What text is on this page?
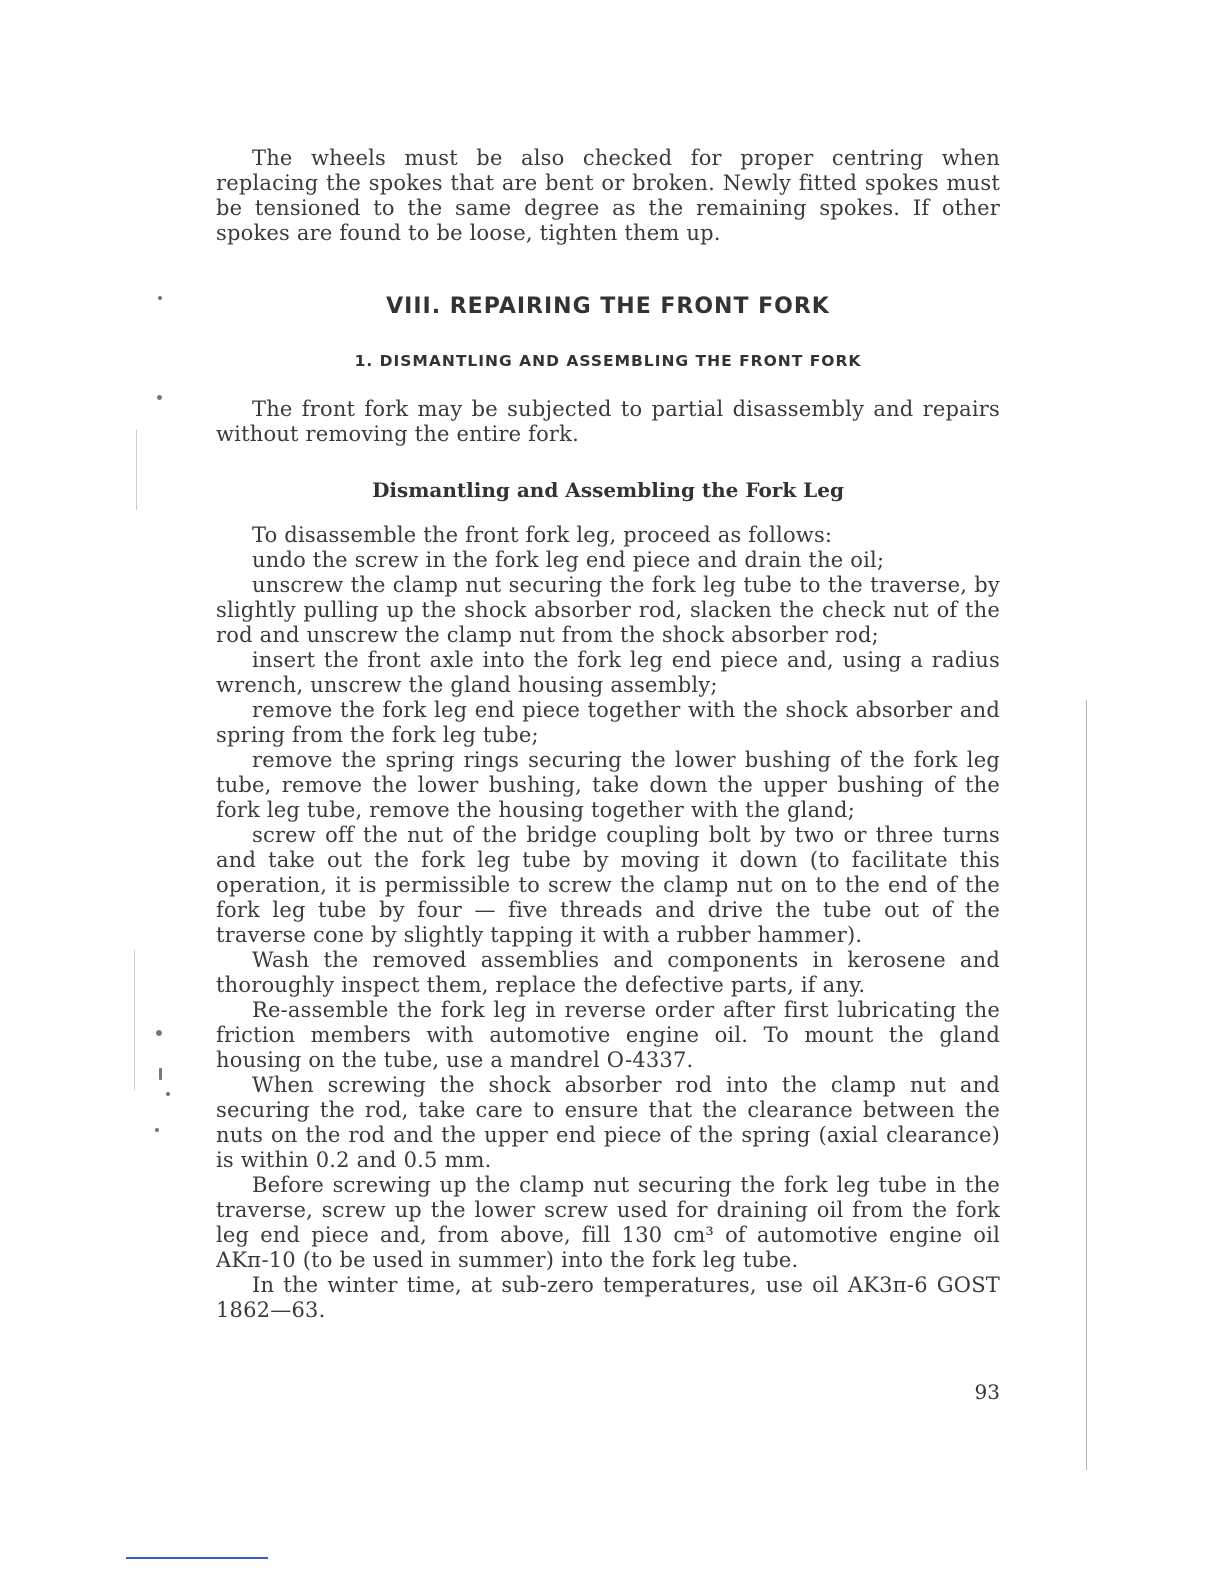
The wheels must be also checked for proper centring when replacing the spokes that are bent or broken. Newly fitted spokes must be tensioned to the same degree as the remaining spokes. If other spokes are found to be loose, tighten them up.

VIII. REPAIRING THE FRONT FORK
1. DISMANTLING AND ASSEMBLING THE FRONT FORK

The front fork may be subjected to partial disassembly and repairs without removing the entire fork.

Dismantling and Assembling the Fork Leg

To disassemble the front fork leg, proceed as follows:

undo the screw in the fork leg end piece and drain the oil;

unscrew the clamp nut securing the fork leg tube to the traverse, by slightly pulling up the shock absorber rod, slacken the check nut of the rod and unscrew the clamp nut from the shock absorber rod;

insert the front axle into the fork leg end piece and, using a radius wrench, unscrew the gland housing assembly;

remove the fork leg end piece together with the shock absorber and spring from the fork leg tube;

remove the spring rings securing the lower bushing of the fork leg tube, remove the lower bushing, take down the upper bushing of the fork leg tube, remove the housing together with the gland;

screw off the nut of the bridge coupling bolt by two or three turns and take out the fork leg tube by moving it down (to facilitate this operation, it is permissible to screw the clamp nut on to the end of the fork leg tube by four — five threads and drive the tube out of the traverse cone by slightly tapping it with a rubber hammer).

Wash the removed assemblies and components in kerosene and thoroughly inspect them, replace the defective parts, if any.

Re-assemble the fork leg in reverse order after first lubricating the friction members with automotive engine oil. To mount the gland housing on the tube, use a mandrel O-4337.

When screwing the shock absorber rod into the clamp nut and securing the rod, take care to ensure that the clearance between the nuts on the rod and the upper end piece of the spring (axial clearance) is within 0.2 and 0.5 mm.

Before screwing up the clamp nut securing the fork leg tube in the traverse, screw up the lower screw used for draining oil from the fork leg end piece and, from above, fill 130 cm³ of automotive engine oil AKп-10 (to be used in summer) into the fork leg tube.

In the winter time, at sub-zero temperatures, use oil AK3п-6 GOST 1862—63.

93
